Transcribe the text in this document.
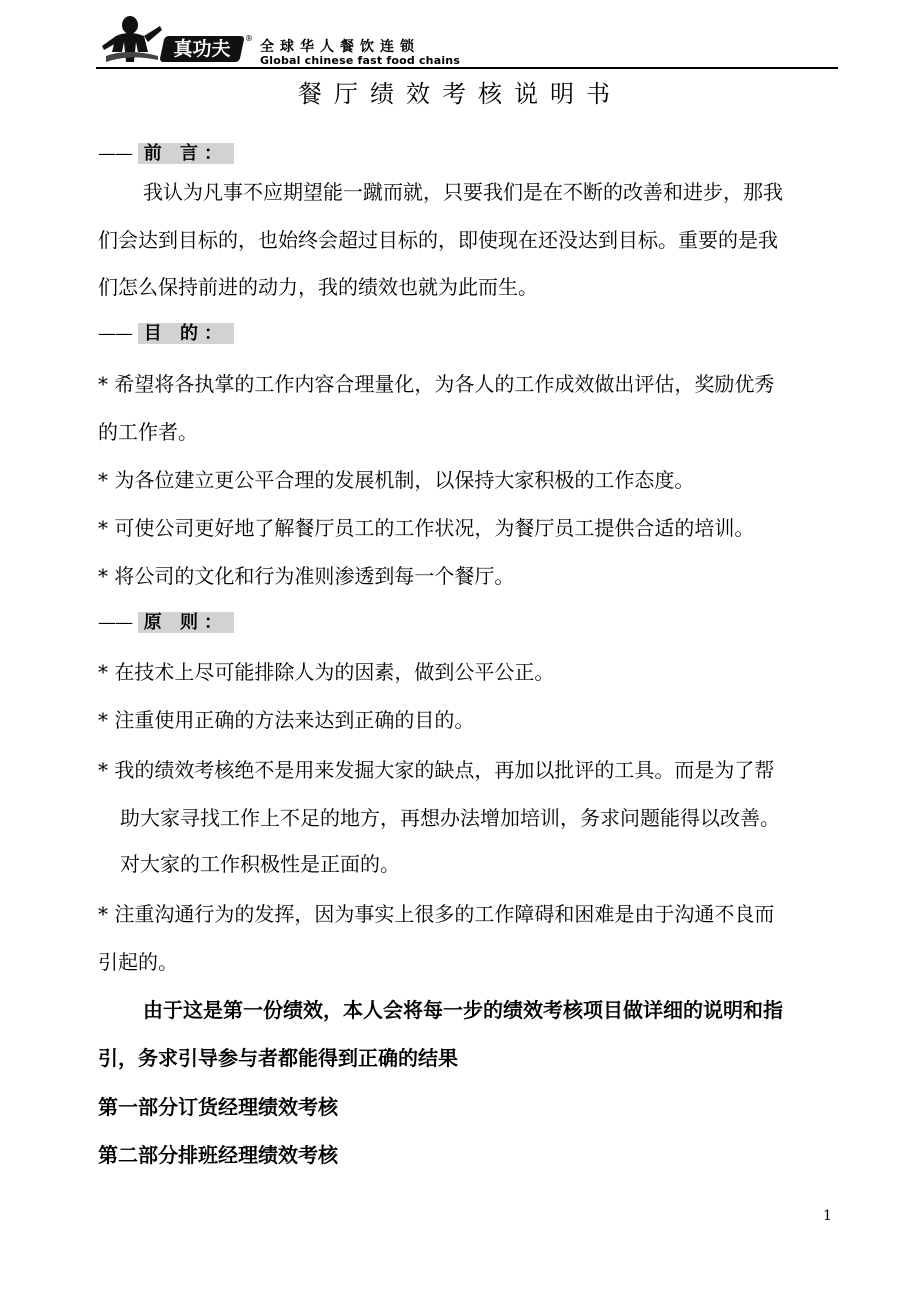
真功夫	®
全球华人餐饮连锁
Global chinese fast food chains
餐厅绩效考核说明书
—— 前 言：
我认为凡事不应期望能一蹴而就，只要我们是在不断的改善和进步，那我
们会达到目标的，也始终会超过目标的，即使现在还没达到目标。重要的是我
们怎么保持前进的动力，我的绩效也就为此而生。
—— 目 的：
* 希望将各执掌的工作内容合理量化，为各人的工作成效做出评估，奖励优秀
的工作者。
* 为各位建立更公平合理的发展机制，以保持大家积极的工作态度。
* 可使公司更好地了解餐厅员工的工作状况，为餐厅员工提供合适的培训。
* 将公司的文化和行为准则渗透到每一个餐厅。
—— 原 则：
* 在技术上尽可能排除人为的因素，做到公平公正。
* 注重使用正确的方法来达到正确的目的。
* 我的绩效考核绝不是用来发掘大家的缺点，再加以批评的工具。而是为了帮
助大家寻找工作上不足的地方，再想办法增加培训，务求问题能得以改善。
对大家的工作积极性是正面的。
* 注重沟通行为的发挥，因为事实上很多的工作障碍和困难是由于沟通不良而
引起的。
由于这是第一份绩效，本人会将每一步的绩效考核项目做详细的说明和指
引，务求引导参与者都能得到正确的结果
第一部分订货经理绩效考核
第二部分排班经理绩效考核
1
